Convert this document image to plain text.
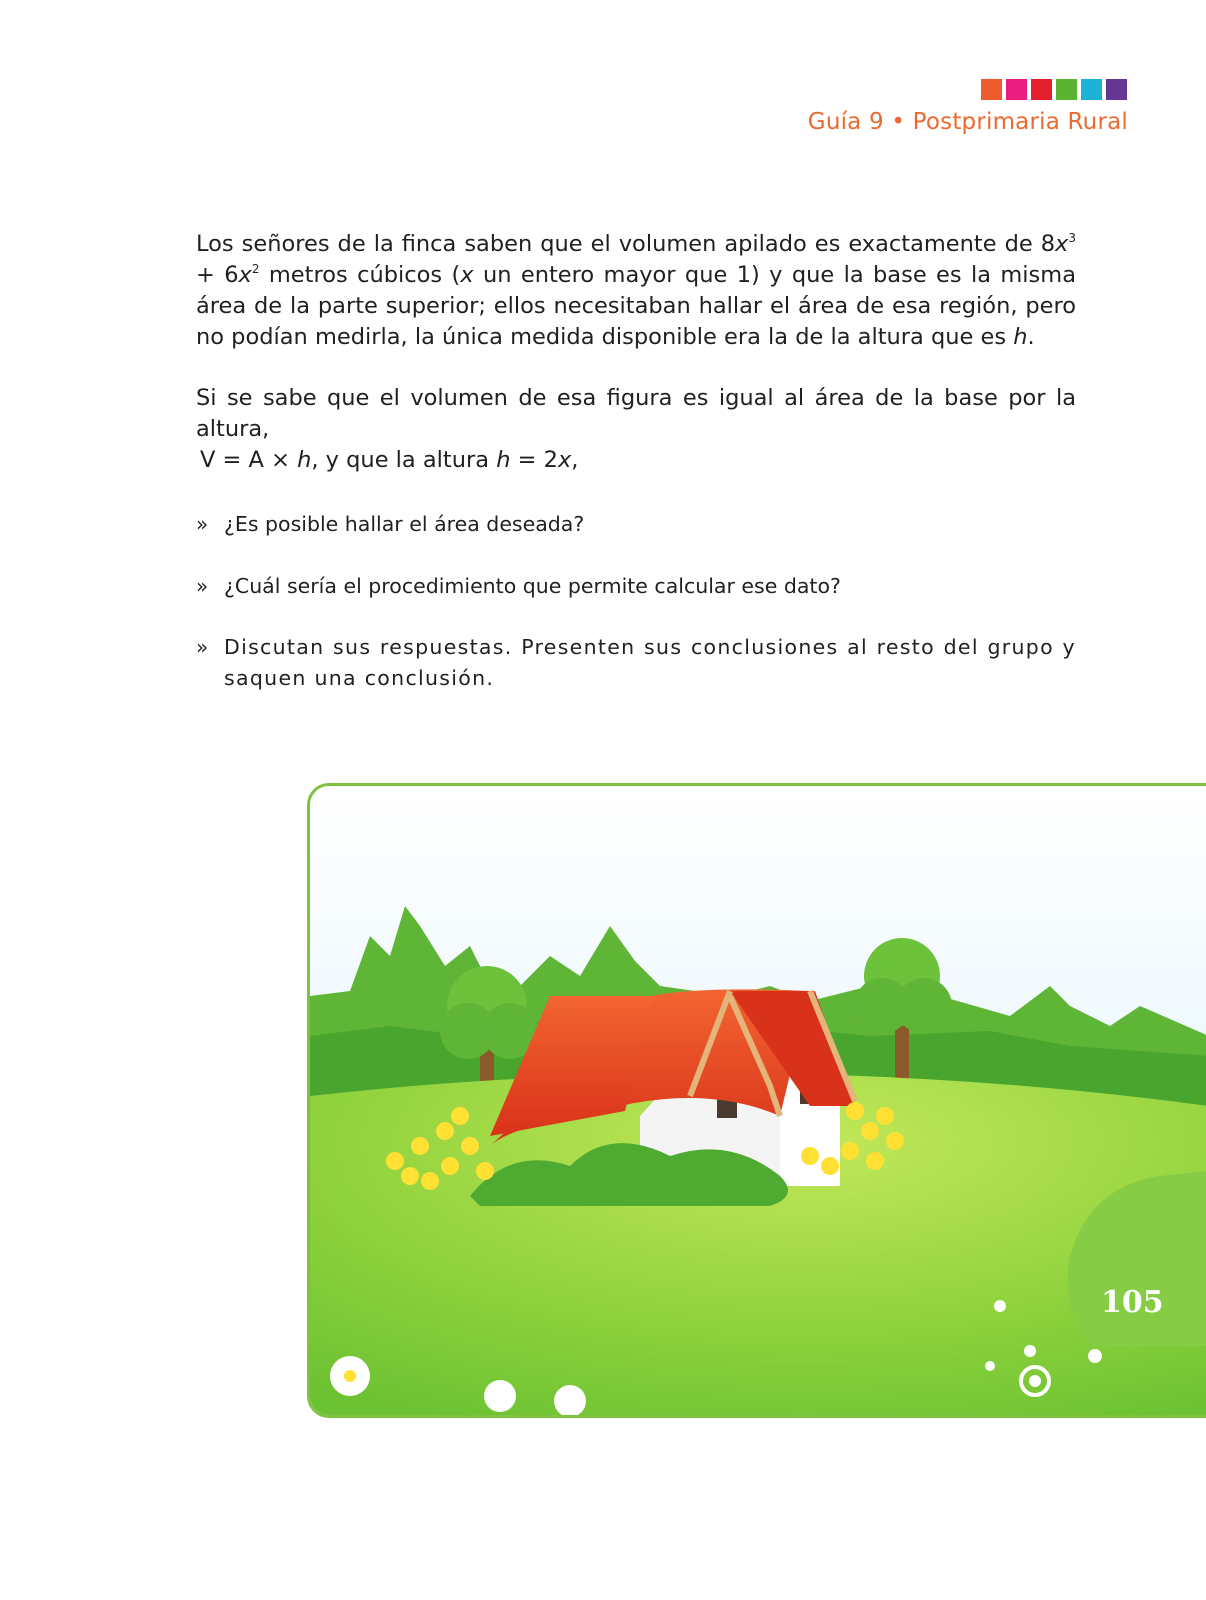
Guía 9 • Postprimaria Rural

Los señores de la finca saben que el volumen apilado es exactamente de $8x^3 + 6x^2$ metros cúbicos (x un entero mayor que 1) y que la base es la misma área de la parte superior; ellos necesitaban hallar el área de esa región, pero no podían medirla, la única medida disponible era la de la altura que es h.

Si se sabe que el volumen de esa figura es igual al área de la base por la altura,

V = A × h, y que la altura h = 2x,

» ¿Es posible hallar el área deseada?
» ¿Cuál sería el procedimiento que permite calcular ese dato?
» Discutan sus respuestas. Presenten sus conclusiones al resto del grupo y saquen una conclusión.
105
